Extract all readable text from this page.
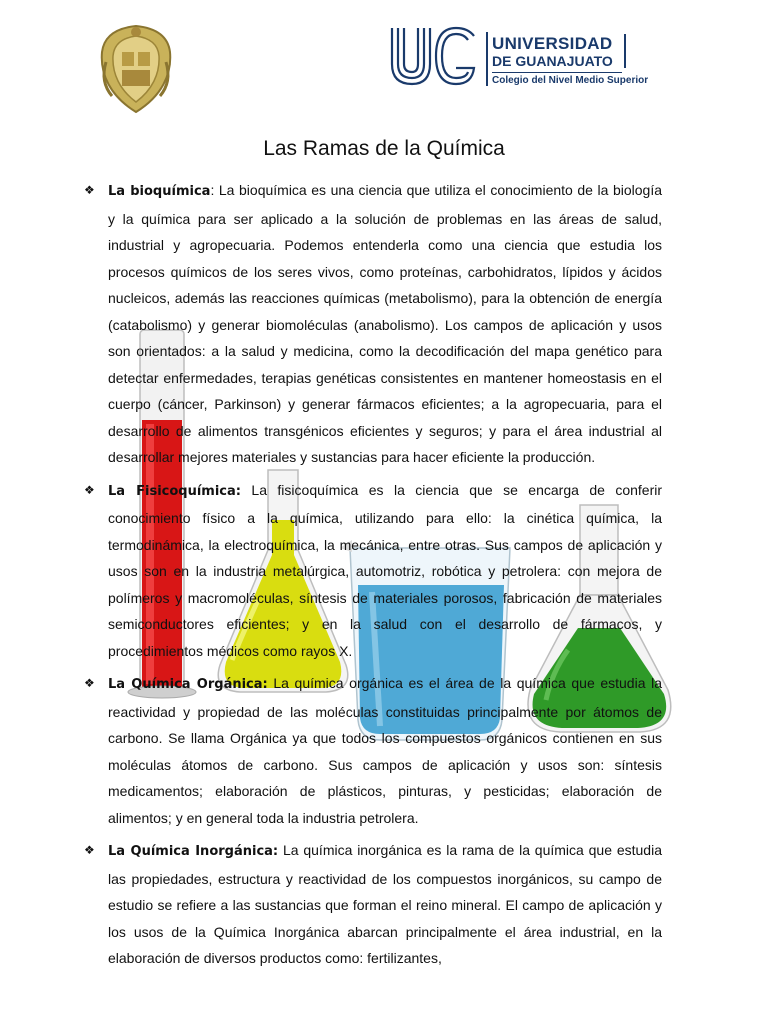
UNIVERSIDAD
DE GUANAJUATO
Colegio del Nivel Medio Superior
Las Ramas de la Química
❖ La bioquímica: La bioquímica es una ciencia que utiliza el conocimiento de la biología y la química para ser aplicado a la solución de problemas en las áreas de salud, industrial y agropecuaria. Podemos entenderla como una ciencia que estudia los procesos químicos de los seres vivos, como proteínas, carbohidratos, lípidos y ácidos nucleicos, además las reacciones químicas (metabolismo), para la obtención de energía (catabolismo) y generar biomoléculas (anabolismo). Los campos de aplicación y usos son orientados: a la salud y medicina, como la decodificación del mapa genético para detectar enfermedades, terapias genéticas consistentes en mantener homeostasis en el cuerpo (cáncer, Parkinson) y generar fármacos eficientes; a la agropecuaria, para el desarrollo de alimentos transgénicos eficientes y seguros; y para el área industrial al desarrollar mejores materiales y sustancias para hacer eficiente la producción.
❖ La Fisicoquímica: La fisicoquímica es la ciencia que se encarga de conferir conocimiento físico a la química, utilizando para ello: la cinética química, la termodinámica, la electroquímica, la mecánica, entre otras. Sus campos de aplicación y usos son en la industria metalúrgica, automotriz, robótica y petrolera: con mejora de polímeros y macromoléculas, síntesis de materiales porosos, fabricación de materiales semiconductores eficientes; y en la salud con el desarrollo de fármacos, y procedimientos médicos como rayos X.
❖ La Química Orgánica: La química orgánica es el área de la química que estudia la reactividad y propiedad de las moléculas constituidas principalmente por átomos de carbono. Se llama Orgánica ya que todos los compuestos orgánicos contienen en sus moléculas átomos de carbono. Sus campos de aplicación y usos son: síntesis medicamentos; elaboración de plásticos, pinturas, y pesticidas; elaboración de alimentos; y en general toda la industria petrolera.
❖ La Química Inorgánica: La química inorgánica es la rama de la química que estudia las propiedades, estructura y reactividad de los compuestos inorgánicos, su campo de estudio se refiere a las sustancias que forman el reino mineral. El campo de aplicación y los usos de la Química Inorgánica abarcan principalmente el área industrial, en la elaboración de diversos productos como: fertilizantes,
